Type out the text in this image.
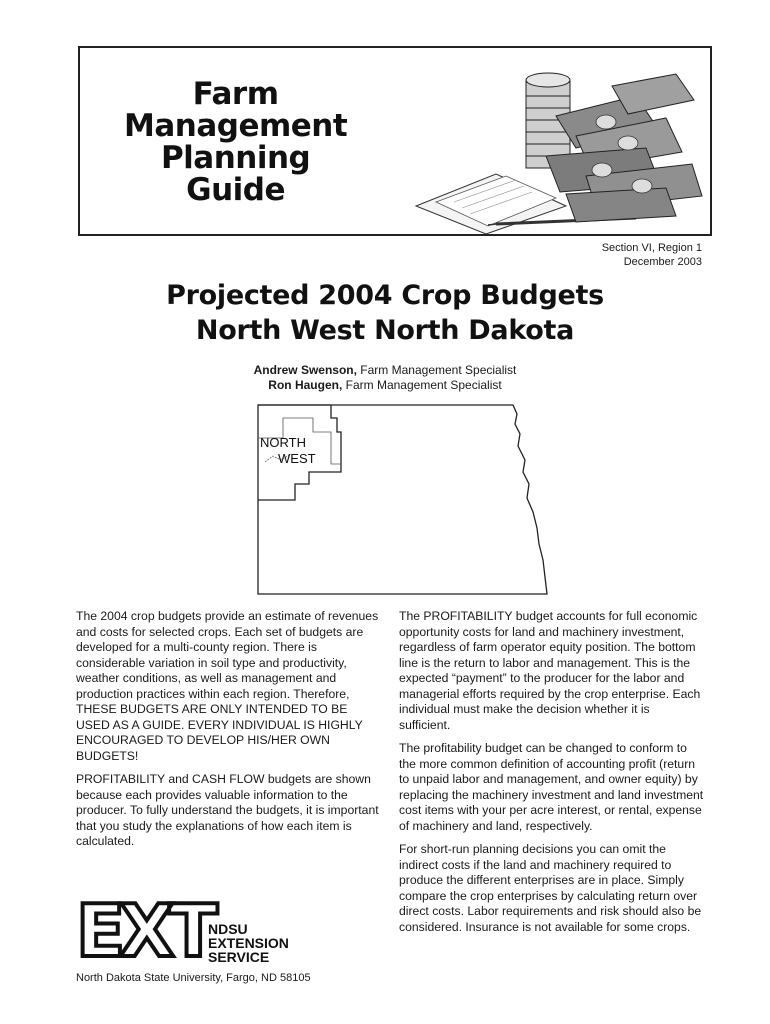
Farm
Management
Planning
Guide
Section VI, Region 1
December 2003
Projected 2004 Crop Budgets
North West North Dakota
Andrew Swenson, Farm Management Specialist
Ron Haugen, Farm Management Specialist
NORTH
WEST

The 2004 crop budgets provide an estimate of revenues and costs for selected crops. Each set of budgets are developed for a multi-county region. There is considerable variation in soil type and productivity, weather conditions, as well as management and production practices within each region. Therefore, THESE BUDGETS ARE ONLY INTENDED TO BE USED AS A GUIDE. EVERY INDIVIDUAL IS HIGHLY ENCOURAGED TO DEVELOP HIS/HER OWN BUDGETS!

PROFITABILITY and CASH FLOW budgets are shown because each provides valuable information to the producer. To fully understand the budgets, it is important that you study the explanations of how each item is calculated.

The PROFITABILITY budget accounts for full economic opportunity costs for land and machinery investment, regardless of farm operator equity position. The bottom line is the return to labor and management. This is the expected “payment” to the producer for the labor and managerial efforts required by the crop enterprise. Each individual must make the decision whether it is sufficient.

The profitability budget can be changed to conform to the more common definition of accounting profit (return to unpaid labor and management, and owner equity) by replacing the machinery investment and land investment cost items with your per acre interest, or rental, expense of machinery and land, respectively.

For short-run planning decisions you can omit the indirect costs if the land and machinery required to produce the different enterprises are in place. Simply compare the crop enterprises by calculating return over direct costs. Labor requirements and risk should also be considered. Insurance is not available for some crops.

EXT
NDSU
EXTENSION
SERVICE
North Dakota State University, Fargo, ND 58105
